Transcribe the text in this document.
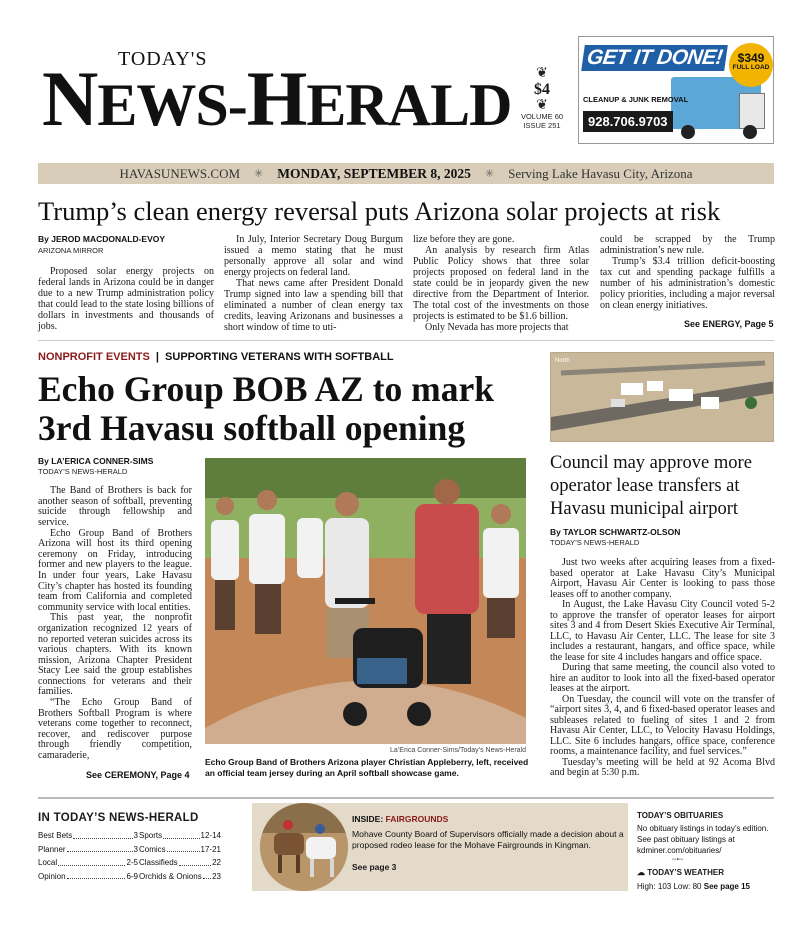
TODAY'S
NEWS-HERALD	❦
$4
❦
VOLUME 60
ISSUE 251
GET IT DONE!
CLEANUP & JUNK REMOVAL
928.706.9703
$349
FULL LOAD
HAVASUNEWS.COM ✳ MONDAY, SEPTEMBER 8, 2025 ✳ Serving Lake Havasu City, Arizona
Trump’s clean energy reversal puts Arizona solar projects at risk
By JEROD MACDONALD-EVOY
ARIZONA MIRROR

Proposed solar energy projects on federal lands in Arizona could be in danger due to a new Trump administration policy that could lead to the state losing billions of dollars in investments and thousands of jobs.

In July, Interior Secretary Doug Burgum issued a memo stating that he must personally approve all solar and wind energy projects on federal land.

That news came after President Donald Trump signed into law a spending bill that eliminated a number of clean energy tax credits, leaving Arizonans and businesses a short window of time to uti-

lize before they are gone.

An analysis by research firm Atlas Public Policy shows that three solar projects proposed on federal land in the state could be in jeopardy given the new directive from the Department of Interior. The total cost of the investments on those projects is estimated to be $1.6 billion.

Only Nevada has more projects that

could be scrapped by the Trump administration’s new rule.

Trump’s $3.4 trillion deficit-boosting tax cut and spending package fulfills a number of his administration’s domestic policy priorities, including a major reversal on clean energy initiatives.

See ENERGY, Page 5
NONPROFIT EVENTS | SUPPORTING VETERANS WITH SOFTBALL
Echo Group BOB AZ to mark
3rd Havasu softball opening
By LA’ERICA CONNER-SIMS
TODAY’S NEWS-HERALD

The Band of Brothers is back for another season of softball, preventing suicide through fellowship and service.

Echo Group Band of Brothers Arizona will host its third opening ceremony on Friday, introducing former and new players to the league. In under four years, Lake Havasu City’s chapter has hosted its founding team from California and completed community service with local entities.

This past year, the nonprofit organization recognized 12 years of no reported veteran suicides across its various chapters. With its known mission, Arizona Chapter President Stacy Lee said the group establishes connections for veterans and their families.

“The Echo Group Band of Brothers Softball Program is where veterans come together to reconnect, recover, and rediscover purpose through friendly competition, camaraderie,

See CEREMONY, Page 4
La’Erica Conner-Sims/Today’s News-Herald
Echo Group Band of Brothers Arizona player Christian Appleberry, left, received an official team jersey during an April softball showcase game.
North
Council may approve more operator lease transfers at Havasu municipal airport
By TAYLOR SCHWARTZ-OLSON
TODAY’S NEWS-HERALD

Just two weeks after acquiring leases from a fixed-based operator at Lake Havasu City’s Municipal Airport, Havasu Air Center is looking to pass those leases off to another company.

In August, the Lake Havasu City Council voted 5-2 to approve the transfer of operator leases for airport sites 3 and 4 from Desert Skies Executive Air Terminal, LLC, to Havasu Air Center, LLC. The lease for site 3 includes a restaurant, hangars, and office space, while the lease for site 4 includes hangars and office space.

During that same meeting, the council also voted to hire an auditor to look into all the fixed-based operator leases at the airport.

On Tuesday, the council will vote on the transfer of “airport sites 3, 4, and 6 fixed-based operator leases and subleases related to fueling of sites 1 and 2 from Havasu Air Center, LLC, to Velocity Havasu Holdings, LLC. Site 6 includes hangars, office space, conference rooms, a maintenance facility, and fuel services.”

Tuesday’s meeting will be held at 92 Acoma Blvd and begin at 5:30 p.m.

IN TODAY’S NEWS-HERALD
Best Bets	3
Planner	3
Local	2-5
Opinion	6-9
Sports	12-14
Comics	17-21
Classifieds	22
Orchids & Onions 23
INSIDE: FAIRGROUNDS
Mohave County Board of Supervisors officially made a decision about a proposed rodeo lease for the Mohave Fairgrounds in Kingman.
See page 3
TODAY’S OBITUARIES
No obituary listings in today’s edition. See past obituary listings at kdminer.com/obituaries/
~•~
☁ TODAY’S WEATHER
High: 103 Low: 80 See page 15
